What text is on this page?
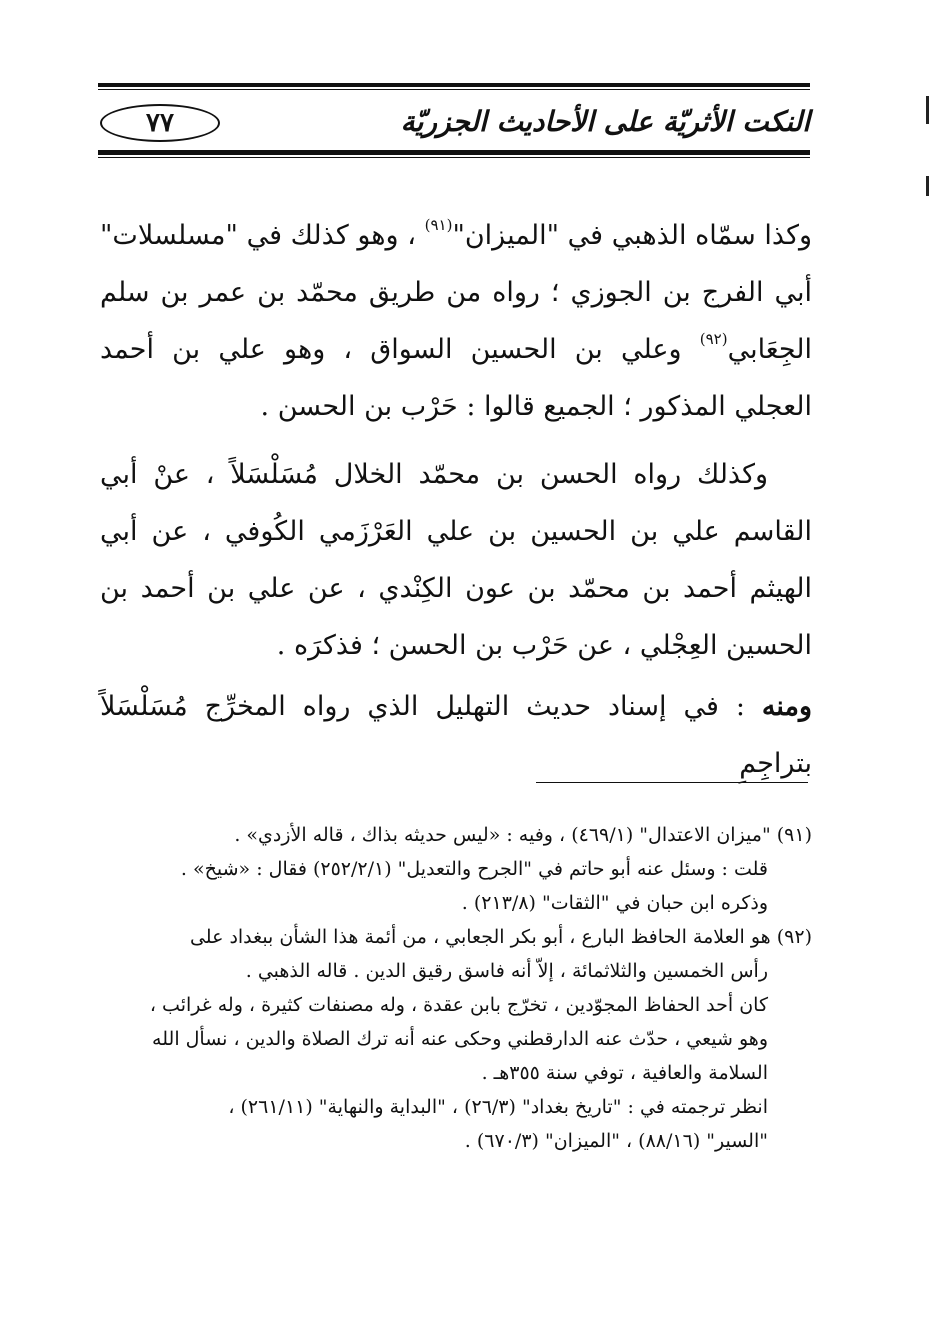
٧٧	النكت الأثريّة على الأحاديث الجزريّة

وكذا سمّاه الذهبي في "الميزان"$^{(٩١)}$ ، وهو كذلك في "مسلسلات" أبي الفرج بن الجوزي ؛ رواه من طريق محمّد بن عمر بن سلم الجِعَابي$^{(٩٢)}$ وعلي بن الحسين السواق ، وهو علي بن أحمد العجلي المذكور ؛ الجميع قالوا : حَرْب بن الحسن .

وكذلك رواه الحسن بن محمّد الخلال مُسَلْسَلاً ، عنْ أبي القاسم علي بن الحسين بن علي العَرْزَمي الكُوفي ، عن أبي الهيثم أحمد بن محمّد بن عون الكِنْدي ، عن علي بن أحمد بن الحسين العِجْلي ، عن حَرْب بن الحسن ؛ فذكرَه .

ومنه : في إسناد حديث التهليل الذي رواه المخرِّج مُسَلْسَلاً بتراجِمِ

(٩١) "ميزان الاعتدال" (٤٦٩/١) ، وفيه : «ليس حديثه بذاك ، قاله الأزدي» .

قلت : وسئل عنه أبو حاتم في "الجرح والتعديل" (٢٥٢/٢/١) فقال : «شيخ» .

وذكره ابن حبان في "الثقات" (٢١٣/٨) .

(٩٢) هو العلامة الحافظ البارع ، أبو بكر الجعابي ، من أئمة هذا الشأن ببغداد على

رأس الخمسين والثلاثمائة ، إلاّ أنه فاسق رقيق الدين . قاله الذهبي .

كان أحد الحفاظ المجوّدين ، تخرّج بابن عقدة ، وله مصنفات كثيرة ، وله غرائب ،

وهو شيعي ، حدّث عنه الدارقطني وحكى عنه أنه ترك الصلاة والدين ، نسأل الله

السلامة والعافية ، توفي سنة ٣٥٥هـ .

انظر ترجمته في : "تاريخ بغداد" (٢٦/٣) ، "البداية والنهاية" (٢٦١/١١) ،

"السير" (٨٨/١٦) ، "الميزان" (٦٧٠/٣) .
